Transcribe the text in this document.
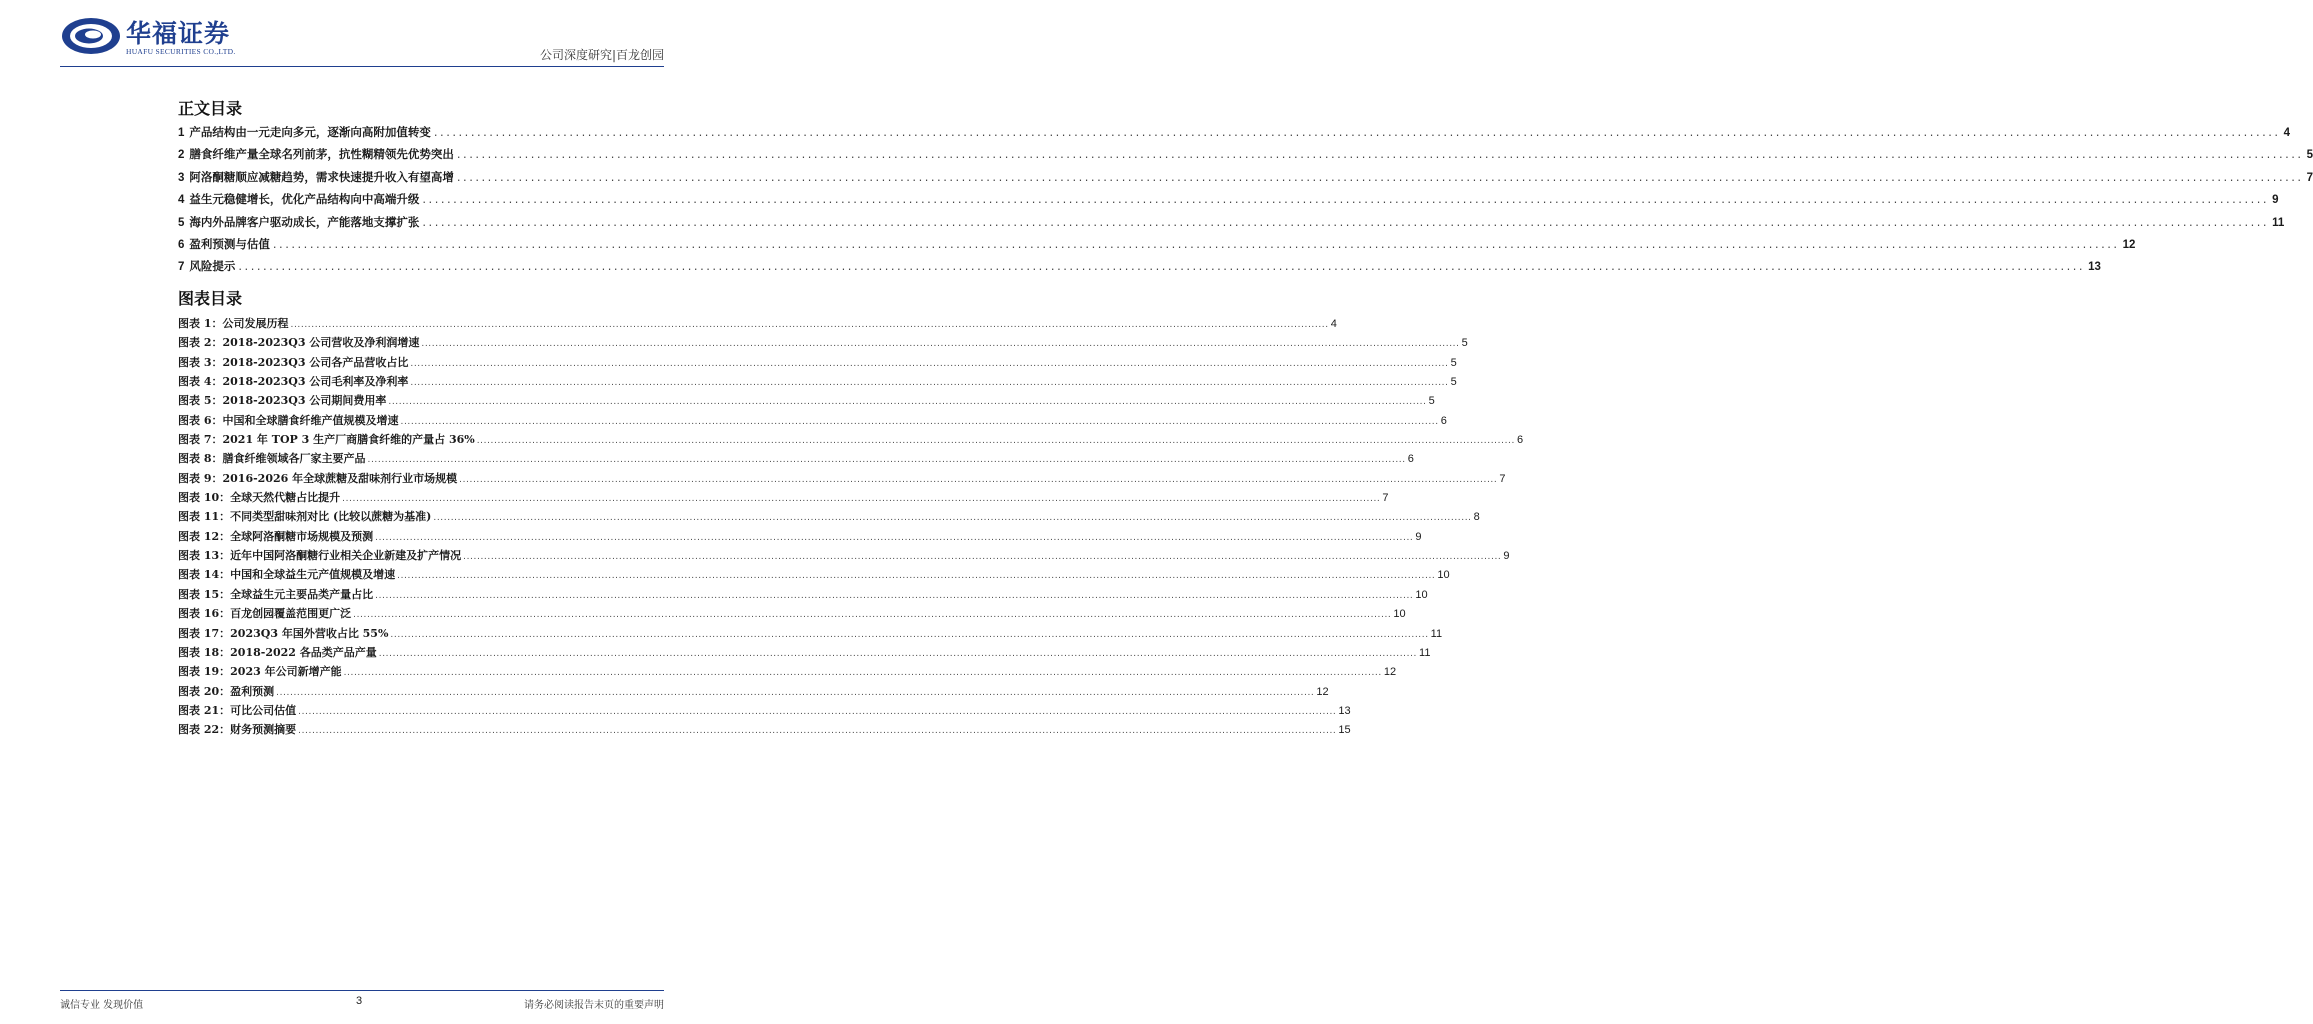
华福证券
HUAFU SECURITIES CO.,LTD.	公司深度研究|百龙创园
正文目录
1 产品结构由一元走向多元，逐渐向高附加值转变 ............................................................................................................................................................................................................................................................................................................ 4
2 膳食纤维产量全球名列前茅，抗性糊精领先优势突出 ............................................................................................................................................................................................................................................................................................................ 5
3 阿洛酮糖顺应减糖趋势，需求快速提升收入有望高增 ............................................................................................................................................................................................................................................................................................................ 7
4 益生元稳健增长，优化产品结构向中高端升级 ............................................................................................................................................................................................................................................................................................................ 9
5 海内外品牌客户驱动成长，产能落地支撑扩张 ............................................................................................................................................................................................................................................................................................................ 11
6 盈利预测与估值 ............................................................................................................................................................................................................................................................................................................ 12
7 风险提示 ............................................................................................................................................................................................................................................................................................................ 13
图表目录
图表 1： 公司发展历程 ............................................................................................................................................................................................................................................................................................................ 4
图表 2： 2018-2023Q3 公司营收及净利润增速 ............................................................................................................................................................................................................................................................................................................ 5
图表 3： 2018-2023Q3 公司各产品营收占比 ............................................................................................................................................................................................................................................................................................................ 5
图表 4： 2018-2023Q3 公司毛利率及净利率 ............................................................................................................................................................................................................................................................................................................ 5
图表 5： 2018-2023Q3 公司期间费用率 ............................................................................................................................................................................................................................................................................................................ 5
图表 6： 中国和全球膳食纤维产值规模及增速 ............................................................................................................................................................................................................................................................................................................ 6
图表 7： 2021 年 TOP 3 生产厂商膳食纤维的产量占 36% ............................................................................................................................................................................................................................................................................................................ 6
图表 8： 膳食纤维领域各厂家主要产品 ............................................................................................................................................................................................................................................................................................................ 6
图表 9： 2016-2026 年全球蔗糖及甜味剂行业市场规模 ............................................................................................................................................................................................................................................................................................................ 7
图表 10： 全球天然代糖占比提升 ............................................................................................................................................................................................................................................................................................................ 7
图表 11： 不同类型甜味剂对比 (比较以蔗糖为基准) ............................................................................................................................................................................................................................................................................................................ 8
图表 12： 全球阿洛酮糖市场规模及预测 ............................................................................................................................................................................................................................................................................................................ 9
图表 13： 近年中国阿洛酮糖行业相关企业新建及扩产情况 ............................................................................................................................................................................................................................................................................................................ 9
图表 14： 中国和全球益生元产值规模及增速 ............................................................................................................................................................................................................................................................................................................ 10
图表 15： 全球益生元主要品类产量占比 ............................................................................................................................................................................................................................................................................................................ 10
图表 16： 百龙创园覆盖范围更广泛 ............................................................................................................................................................................................................................................................................................................ 10
图表 17： 2023Q3 年国外营收占比 55% ............................................................................................................................................................................................................................................................................................................ 11
图表 18： 2018-2022 各品类产品产量 ............................................................................................................................................................................................................................................................................................................ 11
图表 19： 2023 年公司新增产能 ............................................................................................................................................................................................................................................................................................................ 12
图表 20： 盈利预测 ............................................................................................................................................................................................................................................................................................................ 12
图表 21： 可比公司估值 ............................................................................................................................................................................................................................................................................................................ 13
图表 22： 财务预测摘要 ............................................................................................................................................................................................................................................................................................................ 15
诚信专业 发现价值	3	请务必阅读报告末页的重要声明
